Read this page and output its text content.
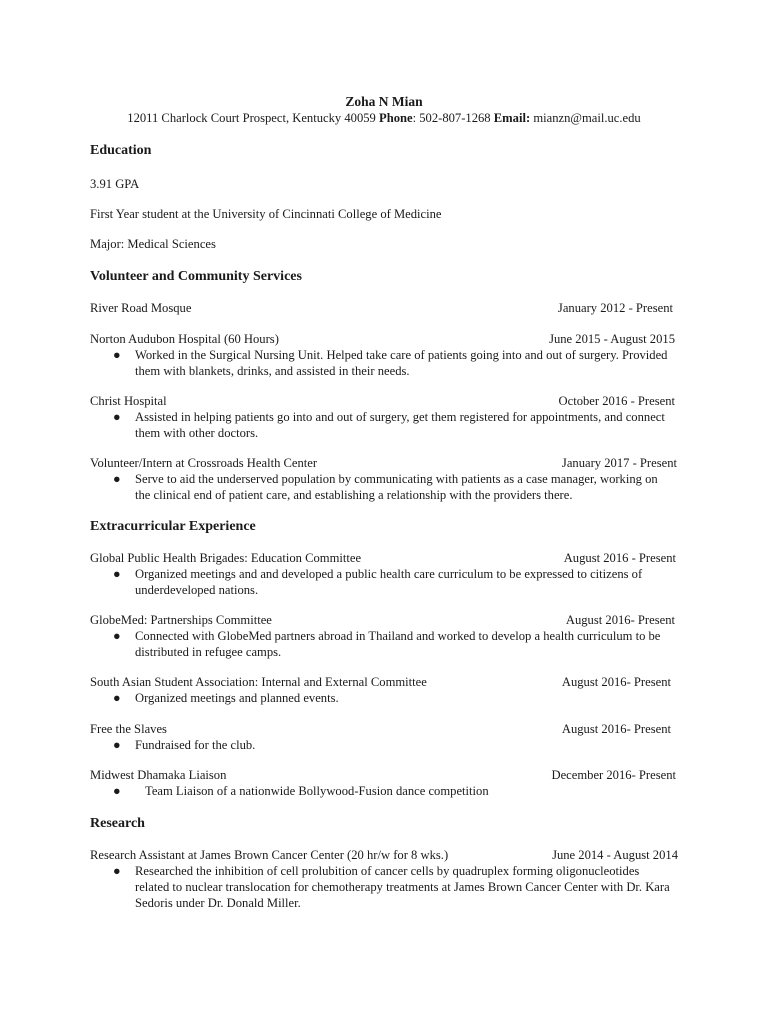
Zoha N Mian
12011 Charlock Court Prospect, Kentucky 40059 Phone: 502-807-1268 Email: mianzn@mail.uc.edu
Education
3.91 GPA
First Year student at the University of Cincinnati College of Medicine
Major: Medical Sciences
Volunteer and Community Services
River Road Mosque	January 2012 - Present
Norton Audubon Hospital (60 Hours)	June 2015 - August 2015
● Worked in the Surgical Nursing Unit. Helped take care of patients going into and out of surgery. Provided them with blankets, drinks, and assisted in their needs.
Christ Hospital	October 2016 - Present
● Assisted in helping patients go into and out of surgery, get them registered for appointments, and connect them with other doctors.
Volunteer/Intern at Crossroads Health Center	January 2017 - Present
● Serve to aid the underserved population by communicating with patients as a case manager, working on the clinical end of patient care, and establishing a relationship with the providers there.
Extracurricular Experience
Global Public Health Brigades: Education Committee	August 2016 - Present
● Organized meetings and and developed a public health care curriculum to be expressed to citizens of underdeveloped nations.
GlobeMed: Partnerships Committee	August 2016- Present
● Connected with GlobeMed partners abroad in Thailand and worked to develop a health curriculum to be distributed in refugee camps.
South Asian Student Association: Internal and External Committee	August 2016- Present
● Organized meetings and planned events.
Free the Slaves	August 2016- Present
● Fundraised for the club.
Midwest Dhamaka Liaison	December 2016- Present
● Team Liaison of a nationwide Bollywood-Fusion dance competition
Research
Research Assistant at James Brown Cancer Center (20 hr/w for 8 wks.)	June 2014 - August 2014
● Researched the inhibition of cell prolubition of cancer cells by quadruplex forming oligonucleotides related to nuclear translocation for chemotherapy treatments at James Brown Cancer Center with Dr. Kara Sedoris under Dr. Donald Miller.
